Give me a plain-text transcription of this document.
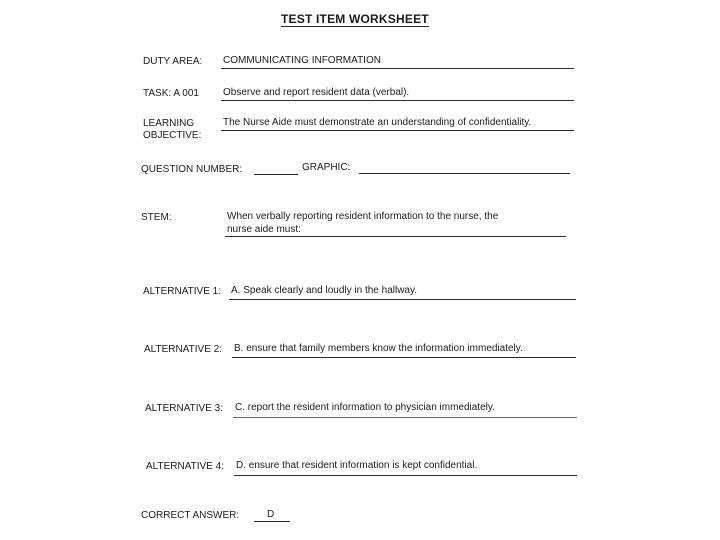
TEST ITEM WORKSHEET
DUTY AREA: COMMUNICATING INFORMATION
TASK: A 001 Observe and report resident data (verbal).
LEARNING
OBJECTIVE:
The Nurse Aide must demonstrate an understanding of confidentiality.
QUESTION NUMBER:	GRAPHIC:
STEM:	When verbally reporting resident information to the nurse, the
nurse aide must:
ALTERNATIVE 1: A. Speak clearly and loudly in the hallway.
ALTERNATIVE 2: B. ensure that family members know the information immediately.
ALTERNATIVE 3: C. report the resident information to physician immediately.
ALTERNATIVE 4: D. ensure that resident information is kept confidential.
CORRECT ANSWER:	D
